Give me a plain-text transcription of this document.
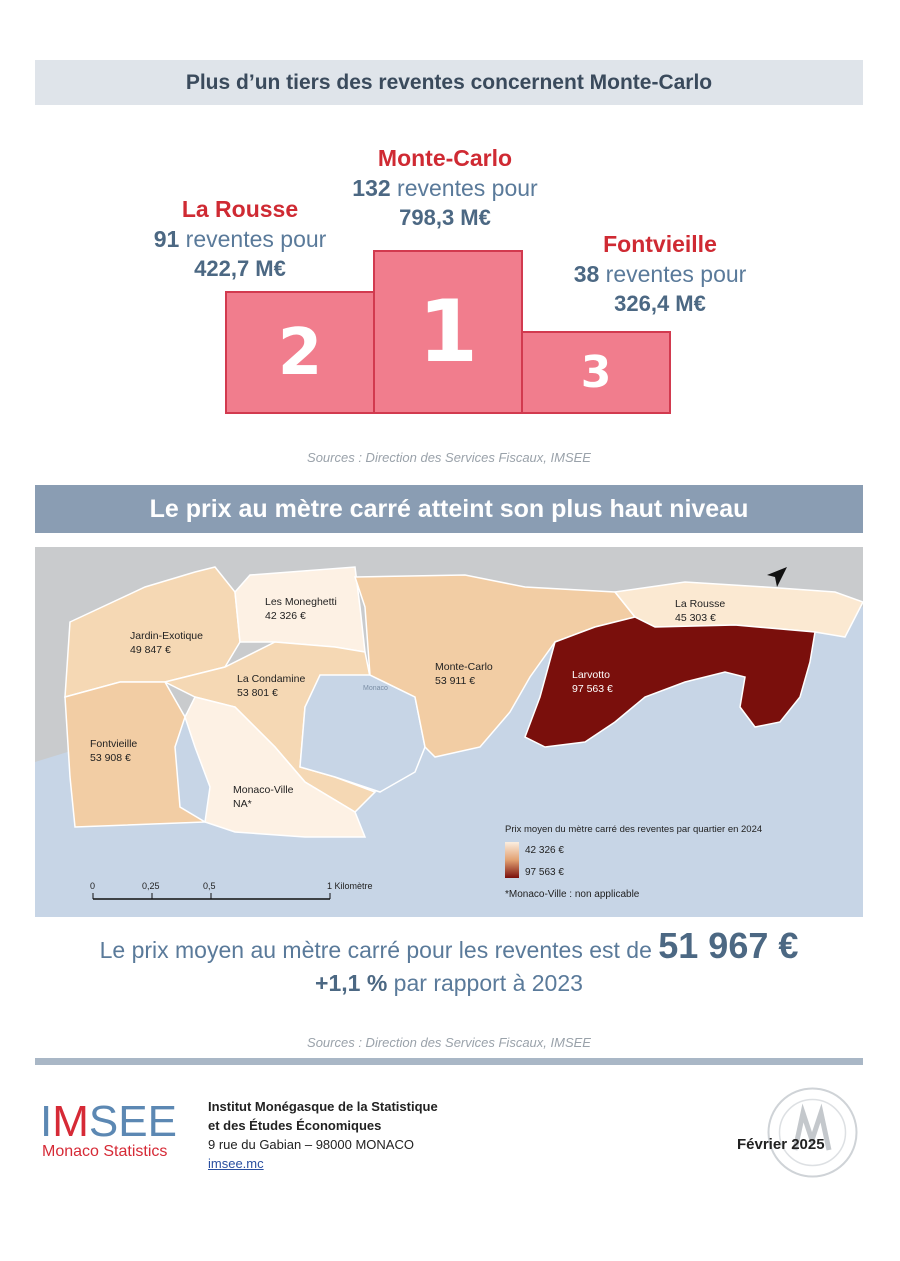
Plus d’un tiers des reventes concernent Monte-Carlo
La Rousse
91 reventes pour
422,7 M€
Monte-Carlo
132 reventes pour
798,3 M€
Fontvieille
38 reventes pour
326,4 M€
2 1 3
Sources : Direction des Services Fiscaux, IMSEE
Le prix au mètre carré atteint son plus haut niveau
Jardin-Exotique
49 847 €
Les Moneghetti
42 326 €
La Condamine
53 801 €
Monte-Carlo
53 911 €
La Rousse
45 303 €
Larvotto
97 563 €
Fontvieille
53 908 €
Monaco-Ville
NA*
Monaco
Prix moyen du mètre carré des reventes par quartier en 2024
42 326 €
97 563 €
*Monaco-Ville : non applicable
0	0,25	0,5	1 Kilomètre
Le prix moyen au mètre carré pour les reventes est de 51 967 €
+1,1 % par rapport à 2023
Sources : Direction des Services Fiscaux, IMSEE
IMSEE
Monaco Statistics
Institut Monégasque de la Statistique
et des Études Économiques
9 rue du Gabian – 98000 MONACO
imsee.mc
Février 2025
